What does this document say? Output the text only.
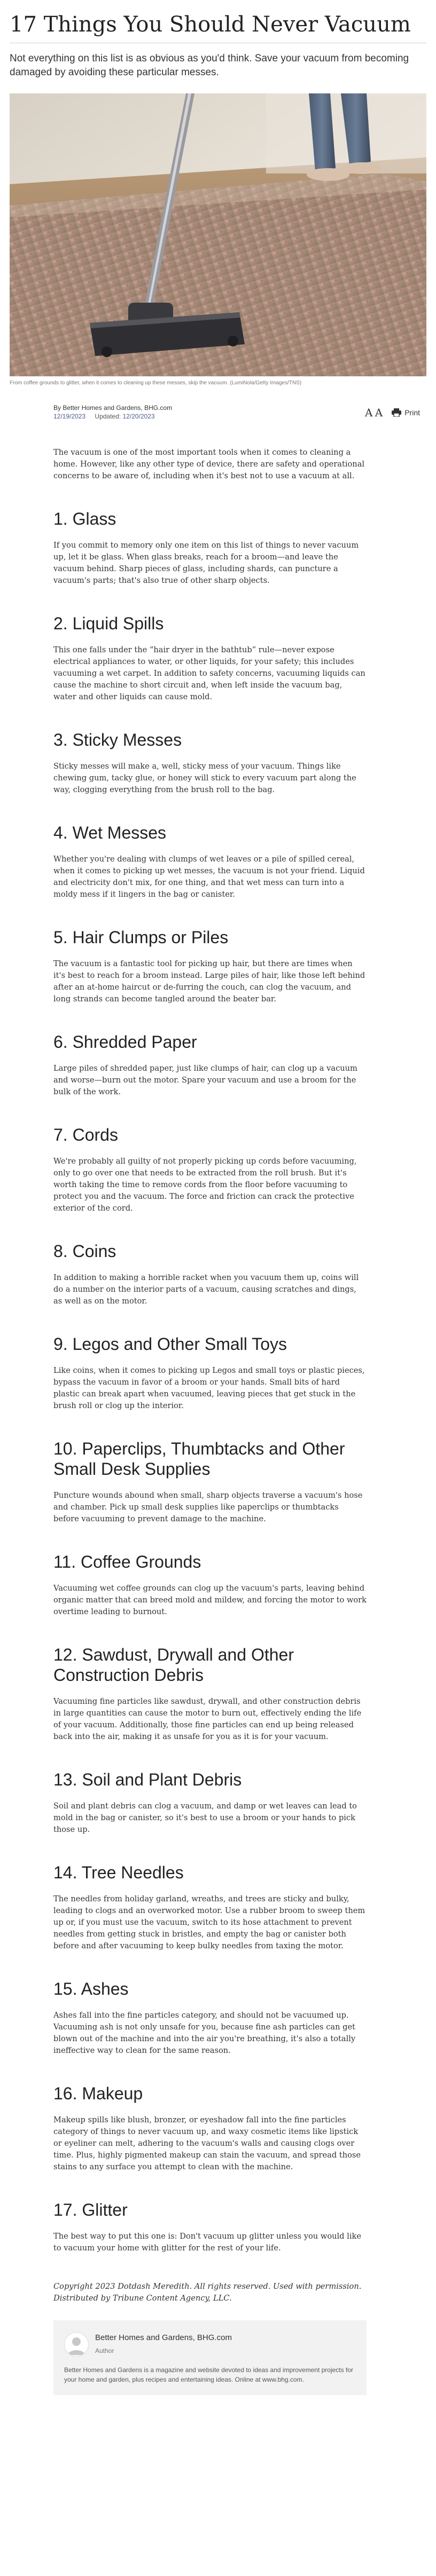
17 Things You Should Never Vacuum

Not everything on this list is as obvious as you'd think. Save your vacuum from becoming damaged by avoiding these particular messes.

From coffee grounds to glitter, when it comes to cleaning up these messes, skip the vacuum. (LumiNola/Getty Images/TNS)

By Better Homes and Gardens, BHG.com
12/19/2023 Updated: 12/20/2023	A A	Print

The vacuum is one of the most important tools when it comes to cleaning a home. However, like any other type of device, there are safety and operational concerns to be aware of, including when it's best not to use a vacuum at all.

1. Glass

If you commit to memory only one item on this list of things to never vacuum up, let it be glass. When glass breaks, reach for a broom—and leave the vacuum behind. Sharp pieces of glass, including shards, can puncture a vacuum's parts; that's also true of other sharp objects.

2. Liquid Spills

This one falls under the “hair dryer in the bathtub” rule—never expose electrical appliances to water, or other liquids, for your safety; this includes vacuuming a wet carpet. In addition to safety concerns, vacuuming liquids can cause the machine to short circuit and, when left inside the vacuum bag, water and other liquids can cause mold.

3. Sticky Messes

Sticky messes will make a, well, sticky mess of your vacuum. Things like chewing gum, tacky glue, or honey will stick to every vacuum part along the way, clogging everything from the brush roll to the bag.

4. Wet Messes

Whether you're dealing with clumps of wet leaves or a pile of spilled cereal, when it comes to picking up wet messes, the vacuum is not your friend. Liquid and electricity don't mix, for one thing, and that wet mess can turn into a moldy mess if it lingers in the bag or canister.

5. Hair Clumps or Piles

The vacuum is a fantastic tool for picking up hair, but there are times when it's best to reach for a broom instead. Large piles of hair, like those left behind after an at-home haircut or de-furring the couch, can clog the vacuum, and long strands can become tangled around the beater bar.

6. Shredded Paper

Large piles of shredded paper, just like clumps of hair, can clog up a vacuum and worse—burn out the motor. Spare your vacuum and use a broom for the bulk of the work.

7. Cords

We're probably all guilty of not properly picking up cords before vacuuming, only to go over one that needs to be extracted from the roll brush. But it's worth taking the time to remove cords from the floor before vacuuming to protect you and the vacuum. The force and friction can crack the protective exterior of the cord.

8. Coins

In addition to making a horrible racket when you vacuum them up, coins will do a number on the interior parts of a vacuum, causing scratches and dings, as well as on the motor.

9. Legos and Other Small Toys

Like coins, when it comes to picking up Legos and small toys or plastic pieces, bypass the vacuum in favor of a broom or your hands. Small bits of hard plastic can break apart when vacuumed, leaving pieces that get stuck in the brush roll or clog up the interior.

10. Paperclips, Thumbtacks and Other Small Desk Supplies

Puncture wounds abound when small, sharp objects traverse a vacuum's hose and chamber. Pick up small desk supplies like paperclips or thumbtacks before vacuuming to prevent damage to the machine.

11. Coffee Grounds

Vacuuming wet coffee grounds can clog up the vacuum's parts, leaving behind organic matter that can breed mold and mildew, and forcing the motor to work overtime leading to burnout.

12. Sawdust, Drywall and Other Construction Debris

Vacuuming fine particles like sawdust, drywall, and other construction debris in large quantities can cause the motor to burn out, effectively ending the life of your vacuum. Additionally, those fine particles can end up being released back into the air, making it as unsafe for you as it is for your vacuum.

13. Soil and Plant Debris

Soil and plant debris can clog a vacuum, and damp or wet leaves can lead to mold in the bag or canister, so it's best to use a broom or your hands to pick those up.

14. Tree Needles

The needles from holiday garland, wreaths, and trees are sticky and bulky, leading to clogs and an overworked motor. Use a rubber broom to sweep them up or, if you must use the vacuum, switch to its hose attachment to prevent needles from getting stuck in bristles, and empty the bag or canister both before and after vacuuming to keep bulky needles from taxing the motor.

15. Ashes

Ashes fall into the fine particles category, and should not be vacuumed up. Vacuuming ash is not only unsafe for you, because fine ash particles can get blown out of the machine and into the air you're breathing, it's also a totally ineffective way to clean for the same reason.

16. Makeup

Makeup spills like blush, bronzer, or eyeshadow fall into the fine particles category of things to never vacuum up, and waxy cosmetic items like lipstick or eyeliner can melt, adhering to the vacuum's walls and causing clogs over time. Plus, highly pigmented makeup can stain the vacuum, and spread those stains to any surface you attempt to clean with the machine.

17. Glitter

The best way to put this one is: Don't vacuum up glitter unless you would like to vacuum your home with glitter for the rest of your life.

Copyright 2023 Dotdash Meredith. All rights reserved. Used with permission. Distributed by Tribune Content Agency, LLC.

Better Homes and Gardens, BHG.com
Author
Better Homes and Gardens is a magazine and website devoted to ideas and improvement projects for your home and garden, plus recipes and entertaining ideas. Online at www.bhg.com.
